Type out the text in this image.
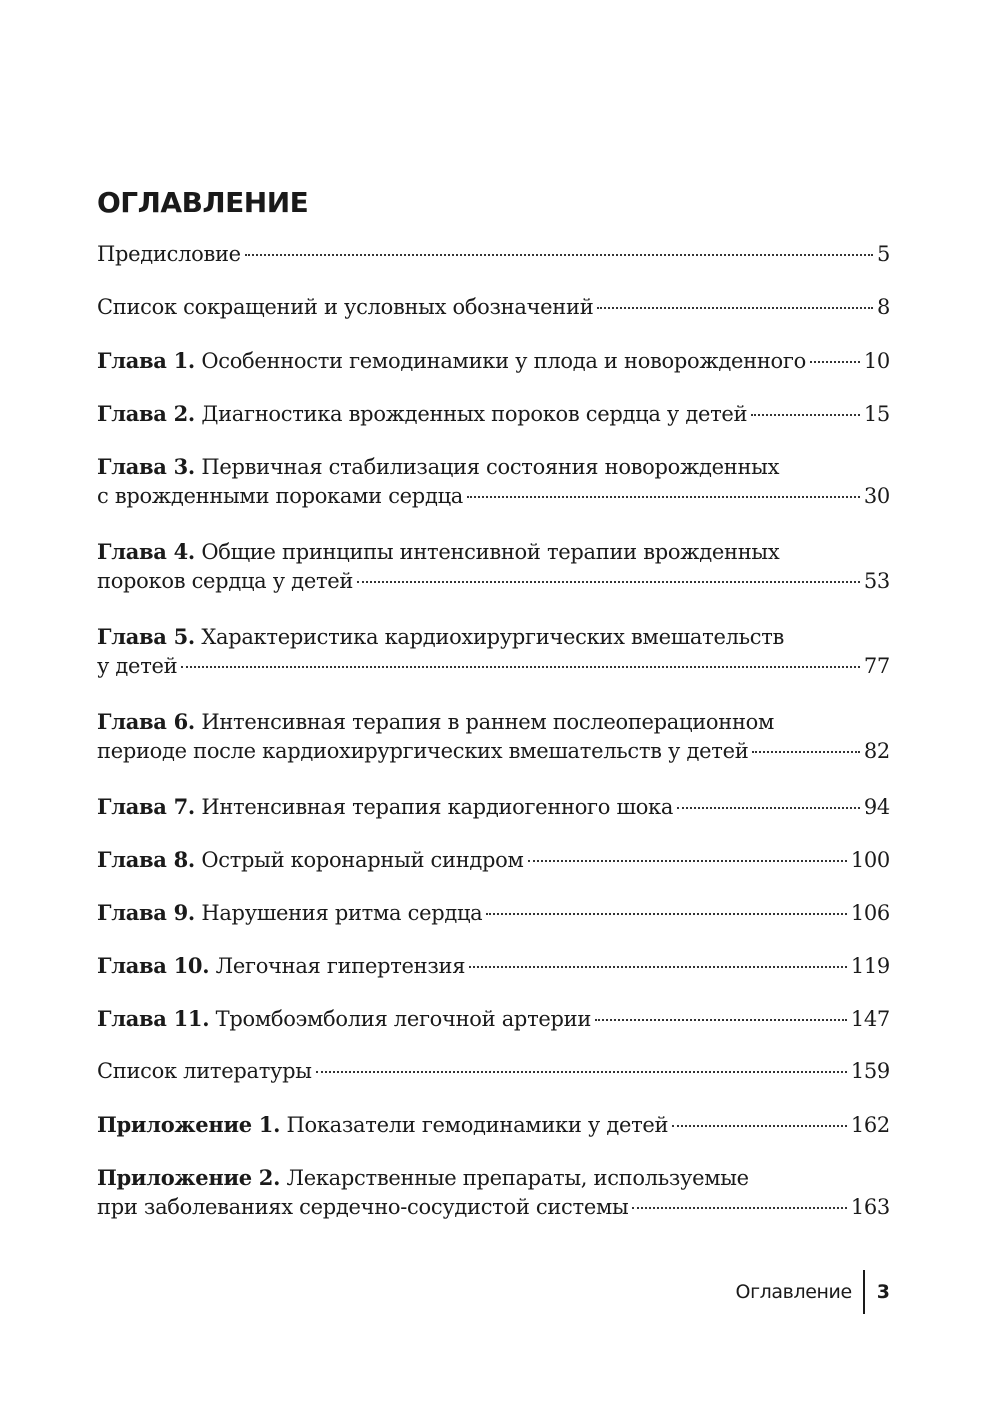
ОГЛАВЛЕНИЕ
Предисловие	5
Список сокращений и условных обозначений	8
Глава 1. Особенности гемодинамики у плода и новорожденного	10
Глава 2. Диагностика врожденных пороков сердца у детей	15
Глава 3. Первичная стабилизация состояния новорожденных
с врожденными пороками сердца	30
Глава 4. Общие принципы интенсивной терапии врожденных
пороков сердца у детей	53
Глава 5. Характеристика кардиохирургических вмешательств
у детей	77
Глава 6. Интенсивная терапия в раннем послеоперационном
периоде после кардиохирургических вмешательств у детей	82
Глава 7. Интенсивная терапия кардиогенного шока	94
Глава 8. Острый коронарный синдром	100
Глава 9. Нарушения ритма сердца	106
Глава 10. Легочная гипертензия	119
Глава 11. Тромбоэмболия легочной артерии	147
Список литературы	159
Приложение 1. Показатели гемодинамики у детей	162
Приложение 2. Лекарственные препараты, используемые
при заболеваниях сердечно-сосудистой системы	163
Оглавление	3
